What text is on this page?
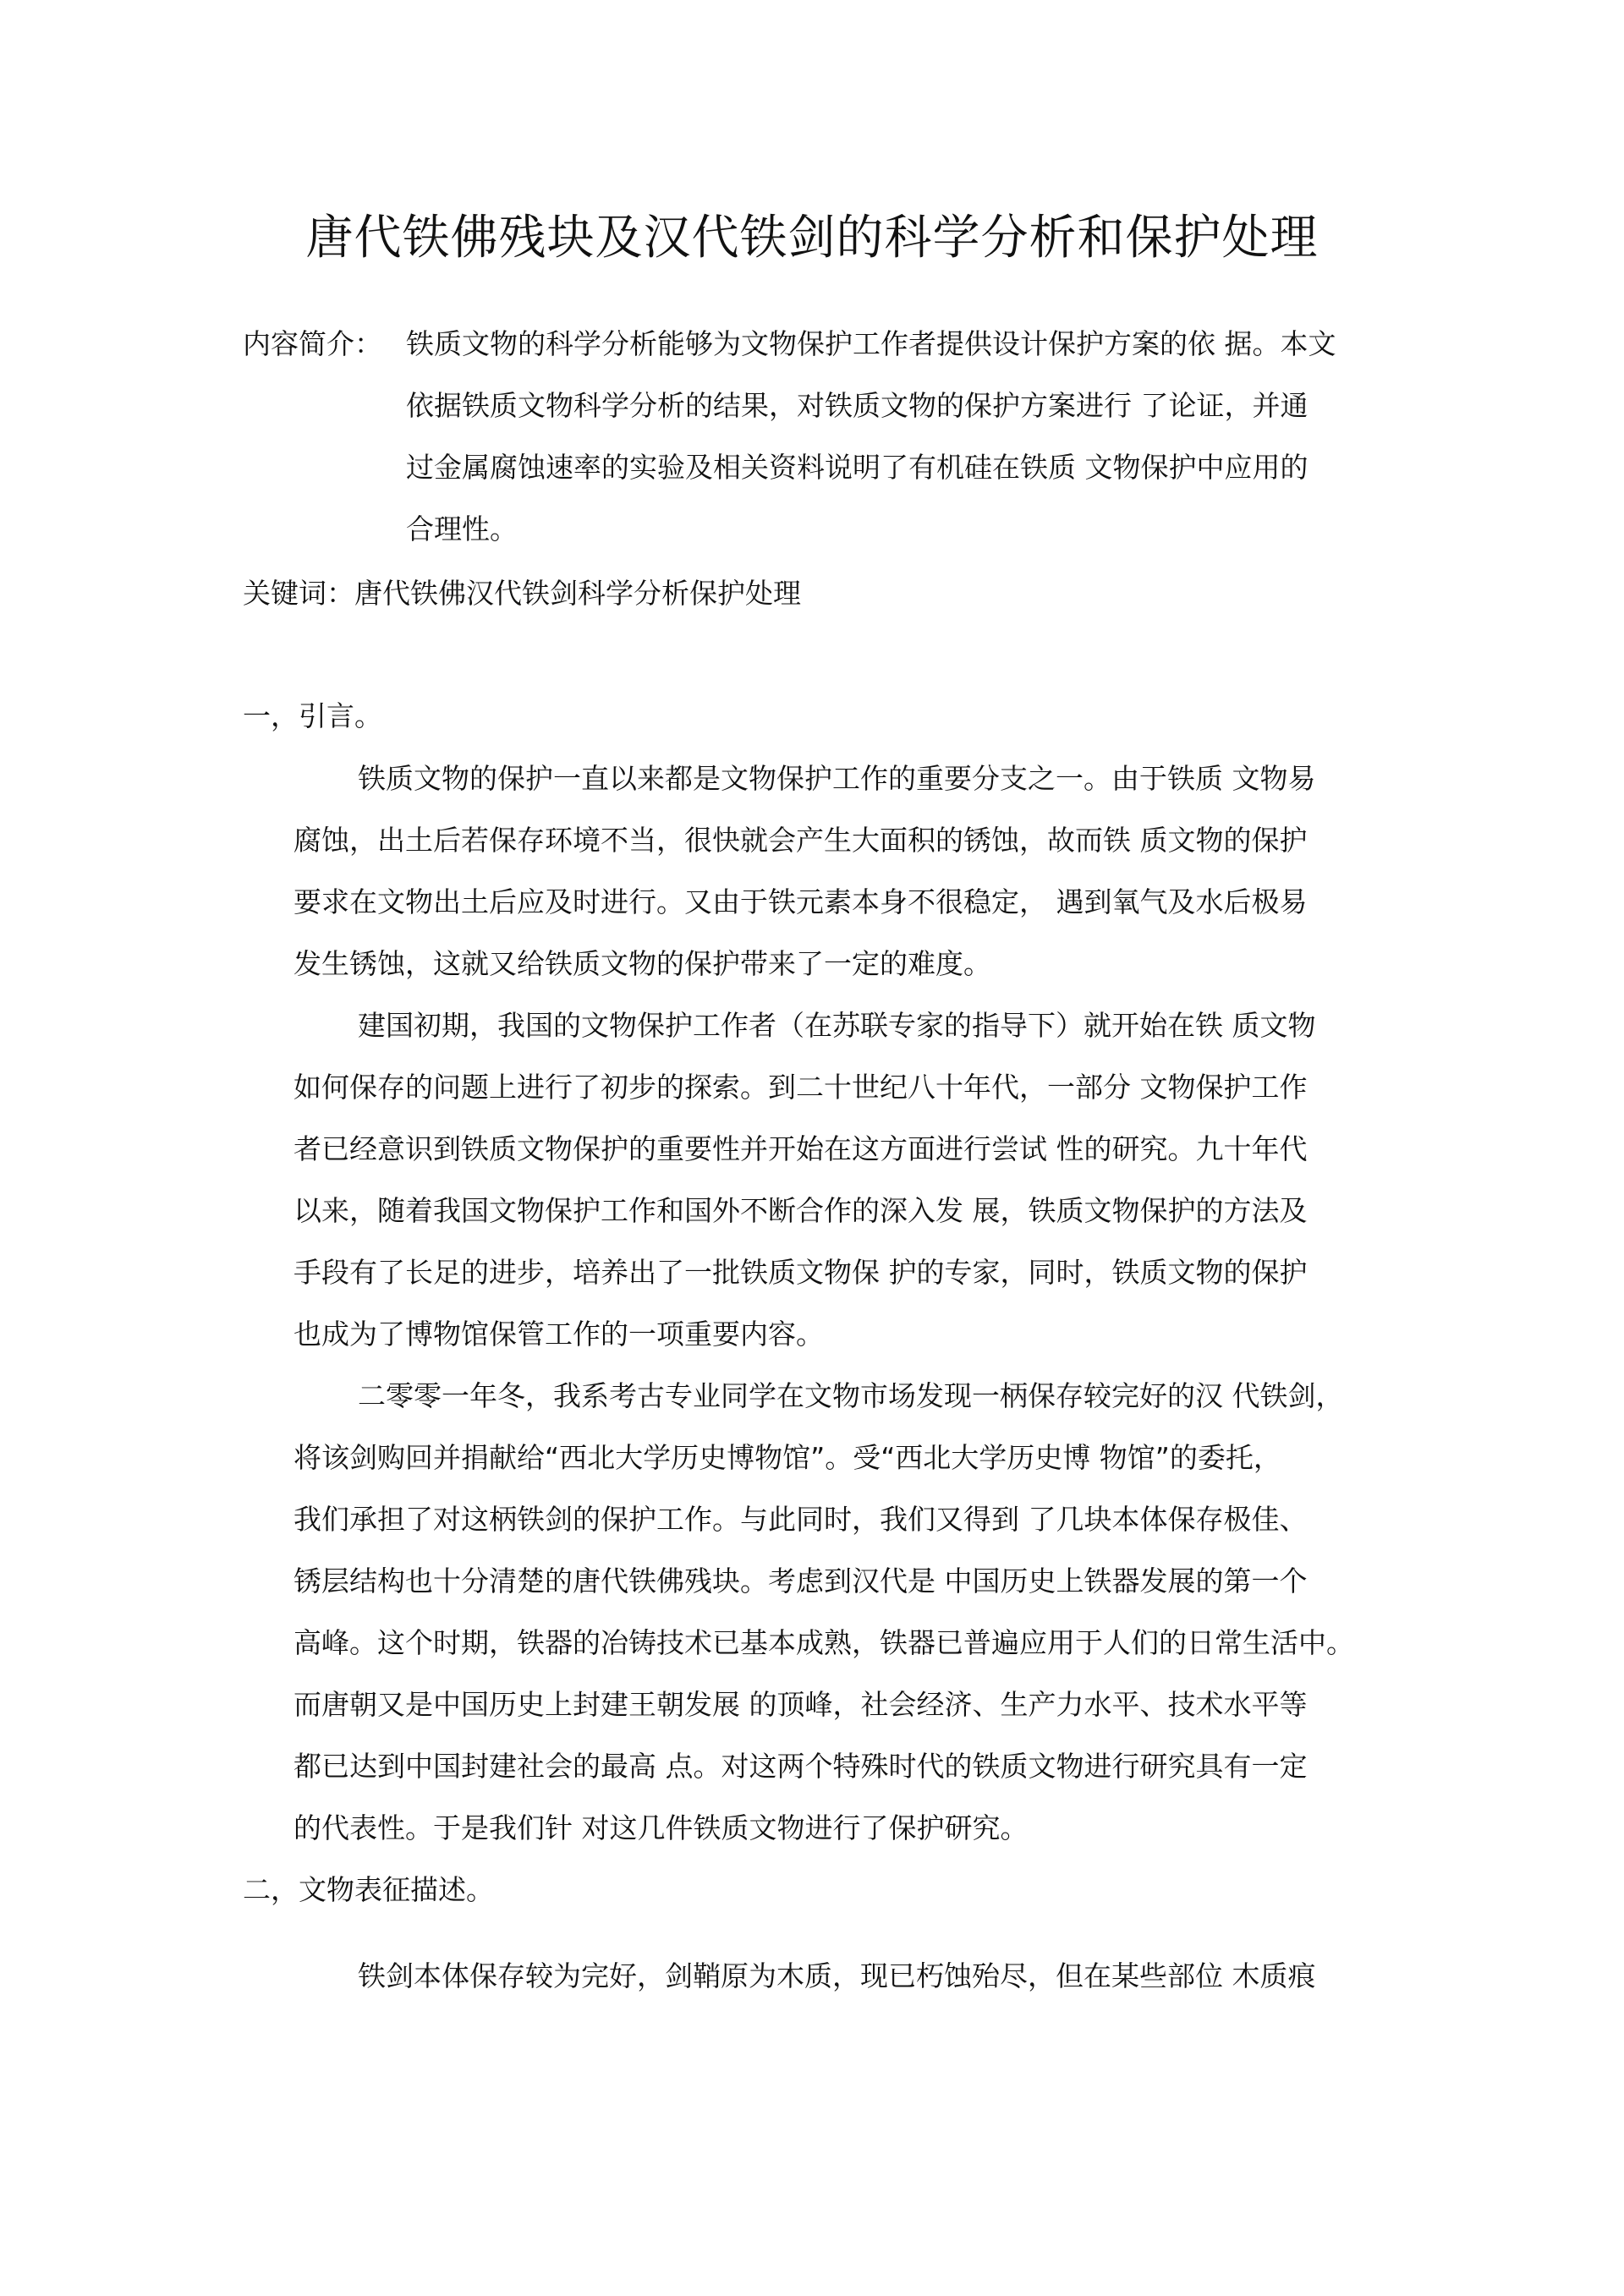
唐代铁佛残块及汉代铁剑的科学分析和保护处理
内容简介： 铁质文物的科学分析能够为文物保护工作者提供设计保护方案的依 据。本文
依据铁质文物科学分析的结果，对铁质文物的保护方案进行 了论证，并通
过金属腐蚀速率的实验及相关资料说明了有机硅在铁质 文物保护中应用的
合理性。
关键词：唐代铁佛汉代铁剑科学分析保护处理
一，引言。
铁质文物的保护一直以来都是文物保护工作的重要分支之一。由于铁质 文物易
腐蚀，出土后若保存环境不当，很快就会产生大面积的锈蚀，故而铁 质文物的保护
要求在文物出土后应及时进行。又由于铁元素本身不很稳定， 遇到氧气及水后极易
发生锈蚀，这就又给铁质文物的保护带来了一定的难度。
建国初期，我国的文物保护工作者（在苏联专家的指导下）就开始在铁 质文物
如何保存的问题上进行了初步的探索。到二十世纪八十年代，一部分 文物保护工作
者已经意识到铁质文物保护的重要性并开始在这方面进行尝试 性的研究。九十年代
以来，随着我国文物保护工作和国外不断合作的深入发 展，铁质文物保护的方法及
手段有了长足的进步，培养出了一批铁质文物保 护的专家，同时，铁质文物的保护
也成为了博物馆保管工作的一项重要内容。
二零零一年冬，我系考古专业同学在文物市场发现一柄保存较完好的汉 代铁剑，
将该剑购回并捐献给“西北大学历史博物馆”。受“西北大学历史博 物馆”的委托，
我们承担了对这柄铁剑的保护工作。与此同时，我们又得到 了几块本体保存极佳、
锈层结构也十分清楚的唐代铁佛残块。考虑到汉代是 中国历史上铁器发展的第一个
高峰。这个时期，铁器的冶铸技术已基本成熟，铁器已普遍应用于人们的日常生活中。
而唐朝又是中国历史上封建王朝发展 的顶峰，社会经济、生产力水平、技术水平等
都已达到中国封建社会的最高 点。对这两个特殊时代的铁质文物进行研究具有一定
的代表性。于是我们针 对这几件铁质文物进行了保护研究。
二，文物表征描述。
铁剑本体保存较为完好，剑鞘原为木质，现已朽蚀殆尽，但在某些部位 木质痕
